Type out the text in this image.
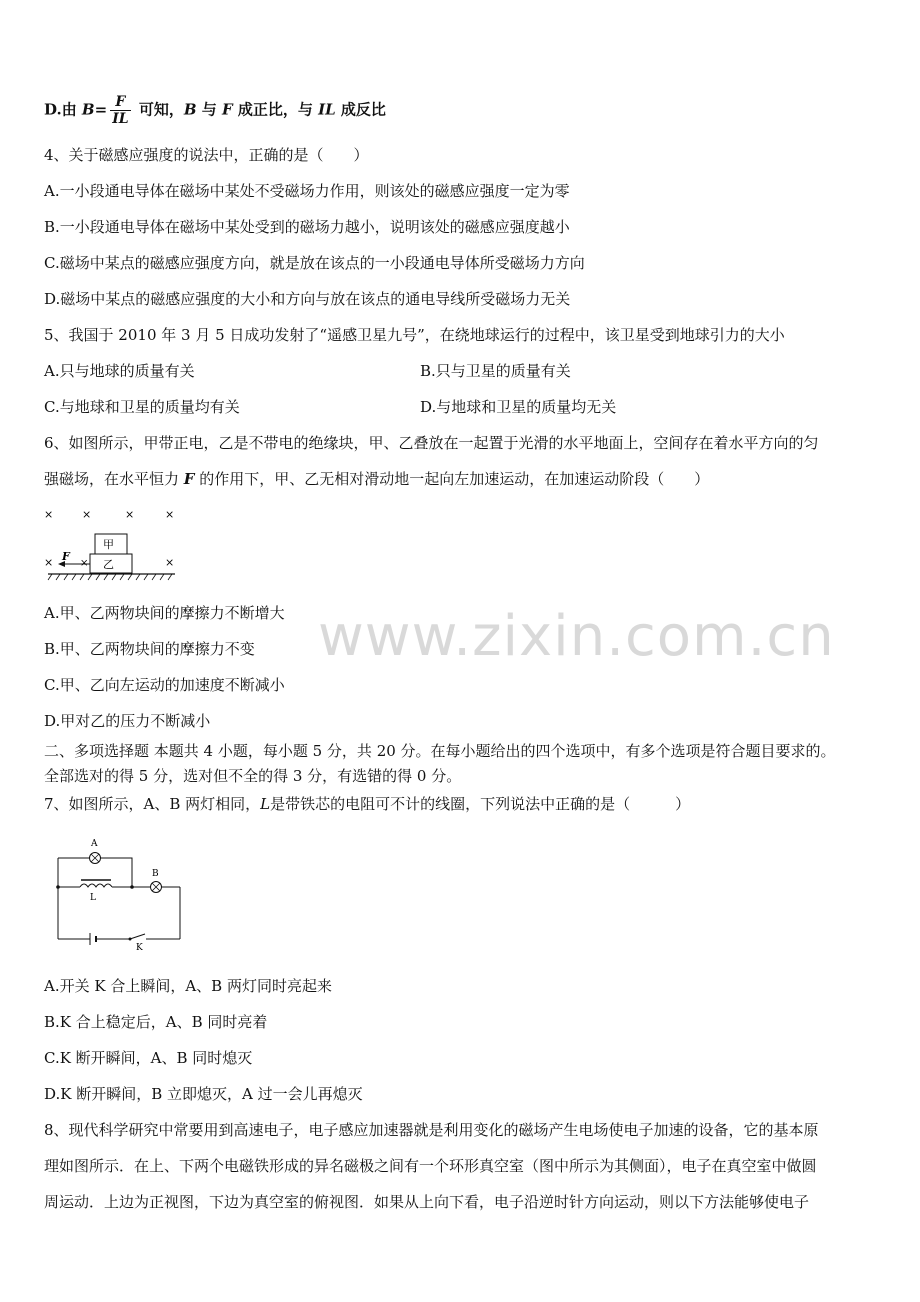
www.zixin.com.cn
D.由 $B= \frac{F}{IL}$ 可知，B 与 F 成正比，与 IL 成反比
4、关于磁感应强度的说法中，正确的是（　　）
A.一小段通电导体在磁场中某处不受磁场力作用，则该处的磁感应强度一定为零
B.一小段通电导体在磁场中某处受到的磁场力越小，说明该处的磁感应强度越小
C.磁场中某点的磁感应强度方向，就是放在该点的一小段通电导体所受磁场力方向
D.磁场中某点的磁感应强度的大小和方向与放在该点的通电导线所受磁场力无关
5、我国于 2010 年 3 月 5 日成功发射了“遥感卫星九号”，在绕地球运行的过程中，该卫星受到地球引力的大小
A.只与地球的质量有关	B.只与卫星的质量有关
C.与地球和卫星的质量均有关	D.与地球和卫星的质量均无关
6、如图所示，甲带正电，乙是不带电的绝缘块，甲、乙叠放在一起置于光滑的水平地面上，空间存在着水平方向的匀
强磁场，在水平恒力 F 的作用下，甲、乙无相对滑动地一起向左加速运动，在加速运动阶段（　　）
×	×	×	×
×	×
甲
乙
F
×
A.甲、乙两物块间的摩擦力不断增大
B.甲、乙两物块间的摩擦力不变
C.甲、乙向左运动的加速度不断减小
D.甲对乙的压力不断减小
二、多项选择题 本题共 4 小题，每小题 5 分，共 20 分。在每小题给出的四个选项中，有多个选项是符合题目要求的。
全部选对的得 5 分，选对但不全的得 3 分，有选错的得 0 分。
7、如图所示，A、B 两灯相同，L是带铁芯的电阻可不计的线圈，下列说法中正确的是（　　　）
A
L
B
K
A.开关 K 合上瞬间，A、B 两灯同时亮起来
B.K 合上稳定后，A、B 同时亮着
C.K 断开瞬间，A、B 同时熄灭
D.K 断开瞬间，B 立即熄灭，A 过一会儿再熄灭
8、现代科学研究中常要用到高速电子，电子感应加速器就是利用变化的磁场产生电场使电子加速的设备，它的基本原
理如图所示．在上、下两个电磁铁形成的异名磁极之间有一个环形真空室（图中所示为其侧面），电子在真空室中做圆
周运动．上边为正视图，下边为真空室的俯视图．如果从上向下看，电子沿逆时针方向运动，则以下方法能够使电子
